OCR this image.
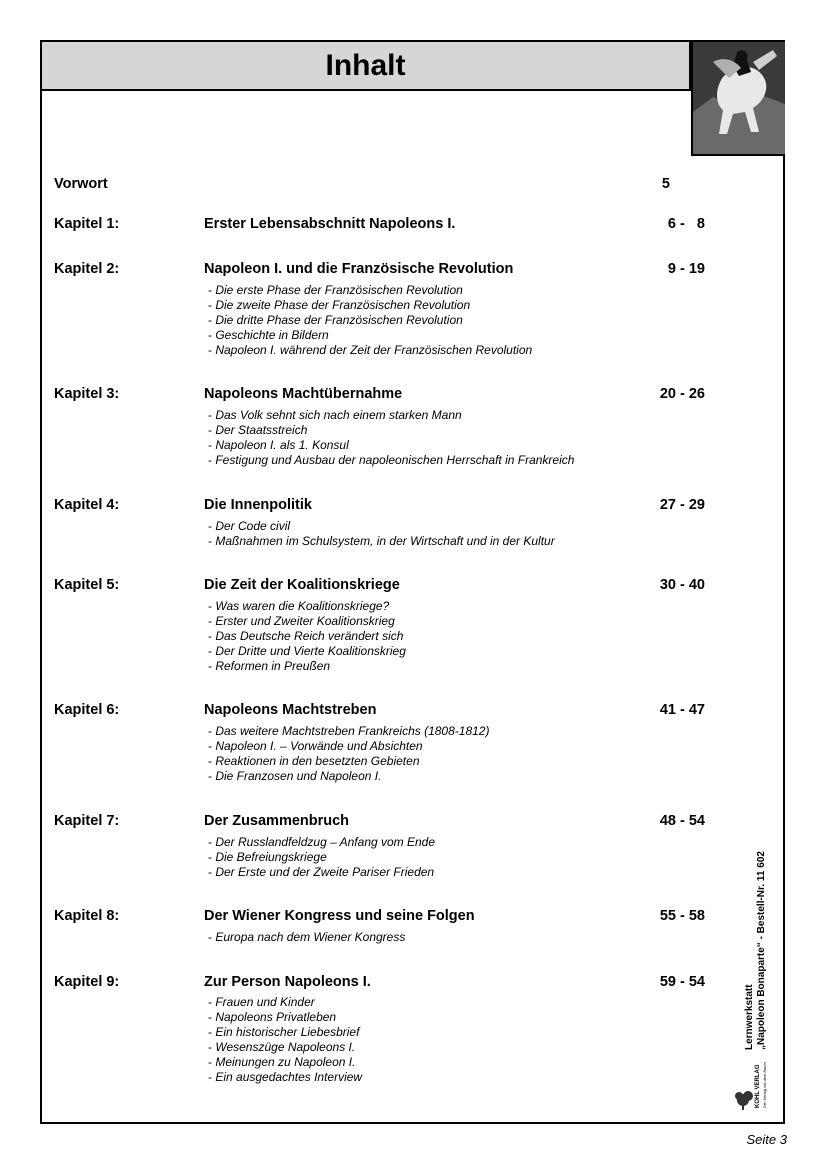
Inhalt
Vorwort	5
Kapitel 1:	Erster Lebensabschnitt Napoleons I.	6 -   8
Kapitel 2:	Napoleon I. und die Französische Revolution	9 - 19
- Die erste Phase der Französischen Revolution
- Die zweite Phase der Französischen Revolution
- Die dritte Phase der Französischen Revolution
- Geschichte in Bildern
- Napoleon I. während der Zeit der Französischen Revolution
Kapitel 3:	Napoleons Machtübernahme	20 - 26
- Das Volk sehnt sich nach einem starken Mann
- Der Staatsstreich
- Napoleon I. als 1. Konsul
- Festigung und Ausbau der napoleonischen Herrschaft in Frankreich
Kapitel 4:	Die Innenpolitik	27 - 29
- Der Code civil
- Maßnahmen im Schulsystem, in der Wirtschaft und in der Kultur
Kapitel 5:	Die Zeit der Koalitionskriege	30 - 40
- Was waren die Koalitionskriege?
- Erster und Zweiter Koalitionskrieg
- Das Deutsche Reich verändert sich
- Der Dritte und Vierte Koalitionskrieg
- Reformen in Preußen
Kapitel 6:	Napoleons Machtstreben	41 - 47
- Das weitere Machtstreben Frankreichs (1808-1812)
- Napoleon I. – Vorwände und Absichten
- Reaktionen in den besetzten Gebieten
- Die Franzosen und Napoleon I.
Kapitel 7:	Der Zusammenbruch	48 - 54
- Der Russlandfeldzug – Anfang vom Ende
- Die Befreiungskriege
- Der Erste und der Zweite Pariser Frieden
Kapitel 8:	Der Wiener Kongress und seine Folgen	55 - 58
- Europa nach dem Wiener Kongress
Kapitel 9:	Zur Person Napoleons I.	59 - 54
- Frauen und Kinder
- Napoleons Privatleben
- Ein historischer Liebesbrief
- Wesenszüge Napoleons I.
- Meinungen zu Napoleon I.
- Ein ausgedachtes Interview
Lernwerkstatt „Napoleon Bonaparte“ - Bestell-Nr. 11 602
KOHL VERLAG Der Verlag mit dem Baum
Seite 3
